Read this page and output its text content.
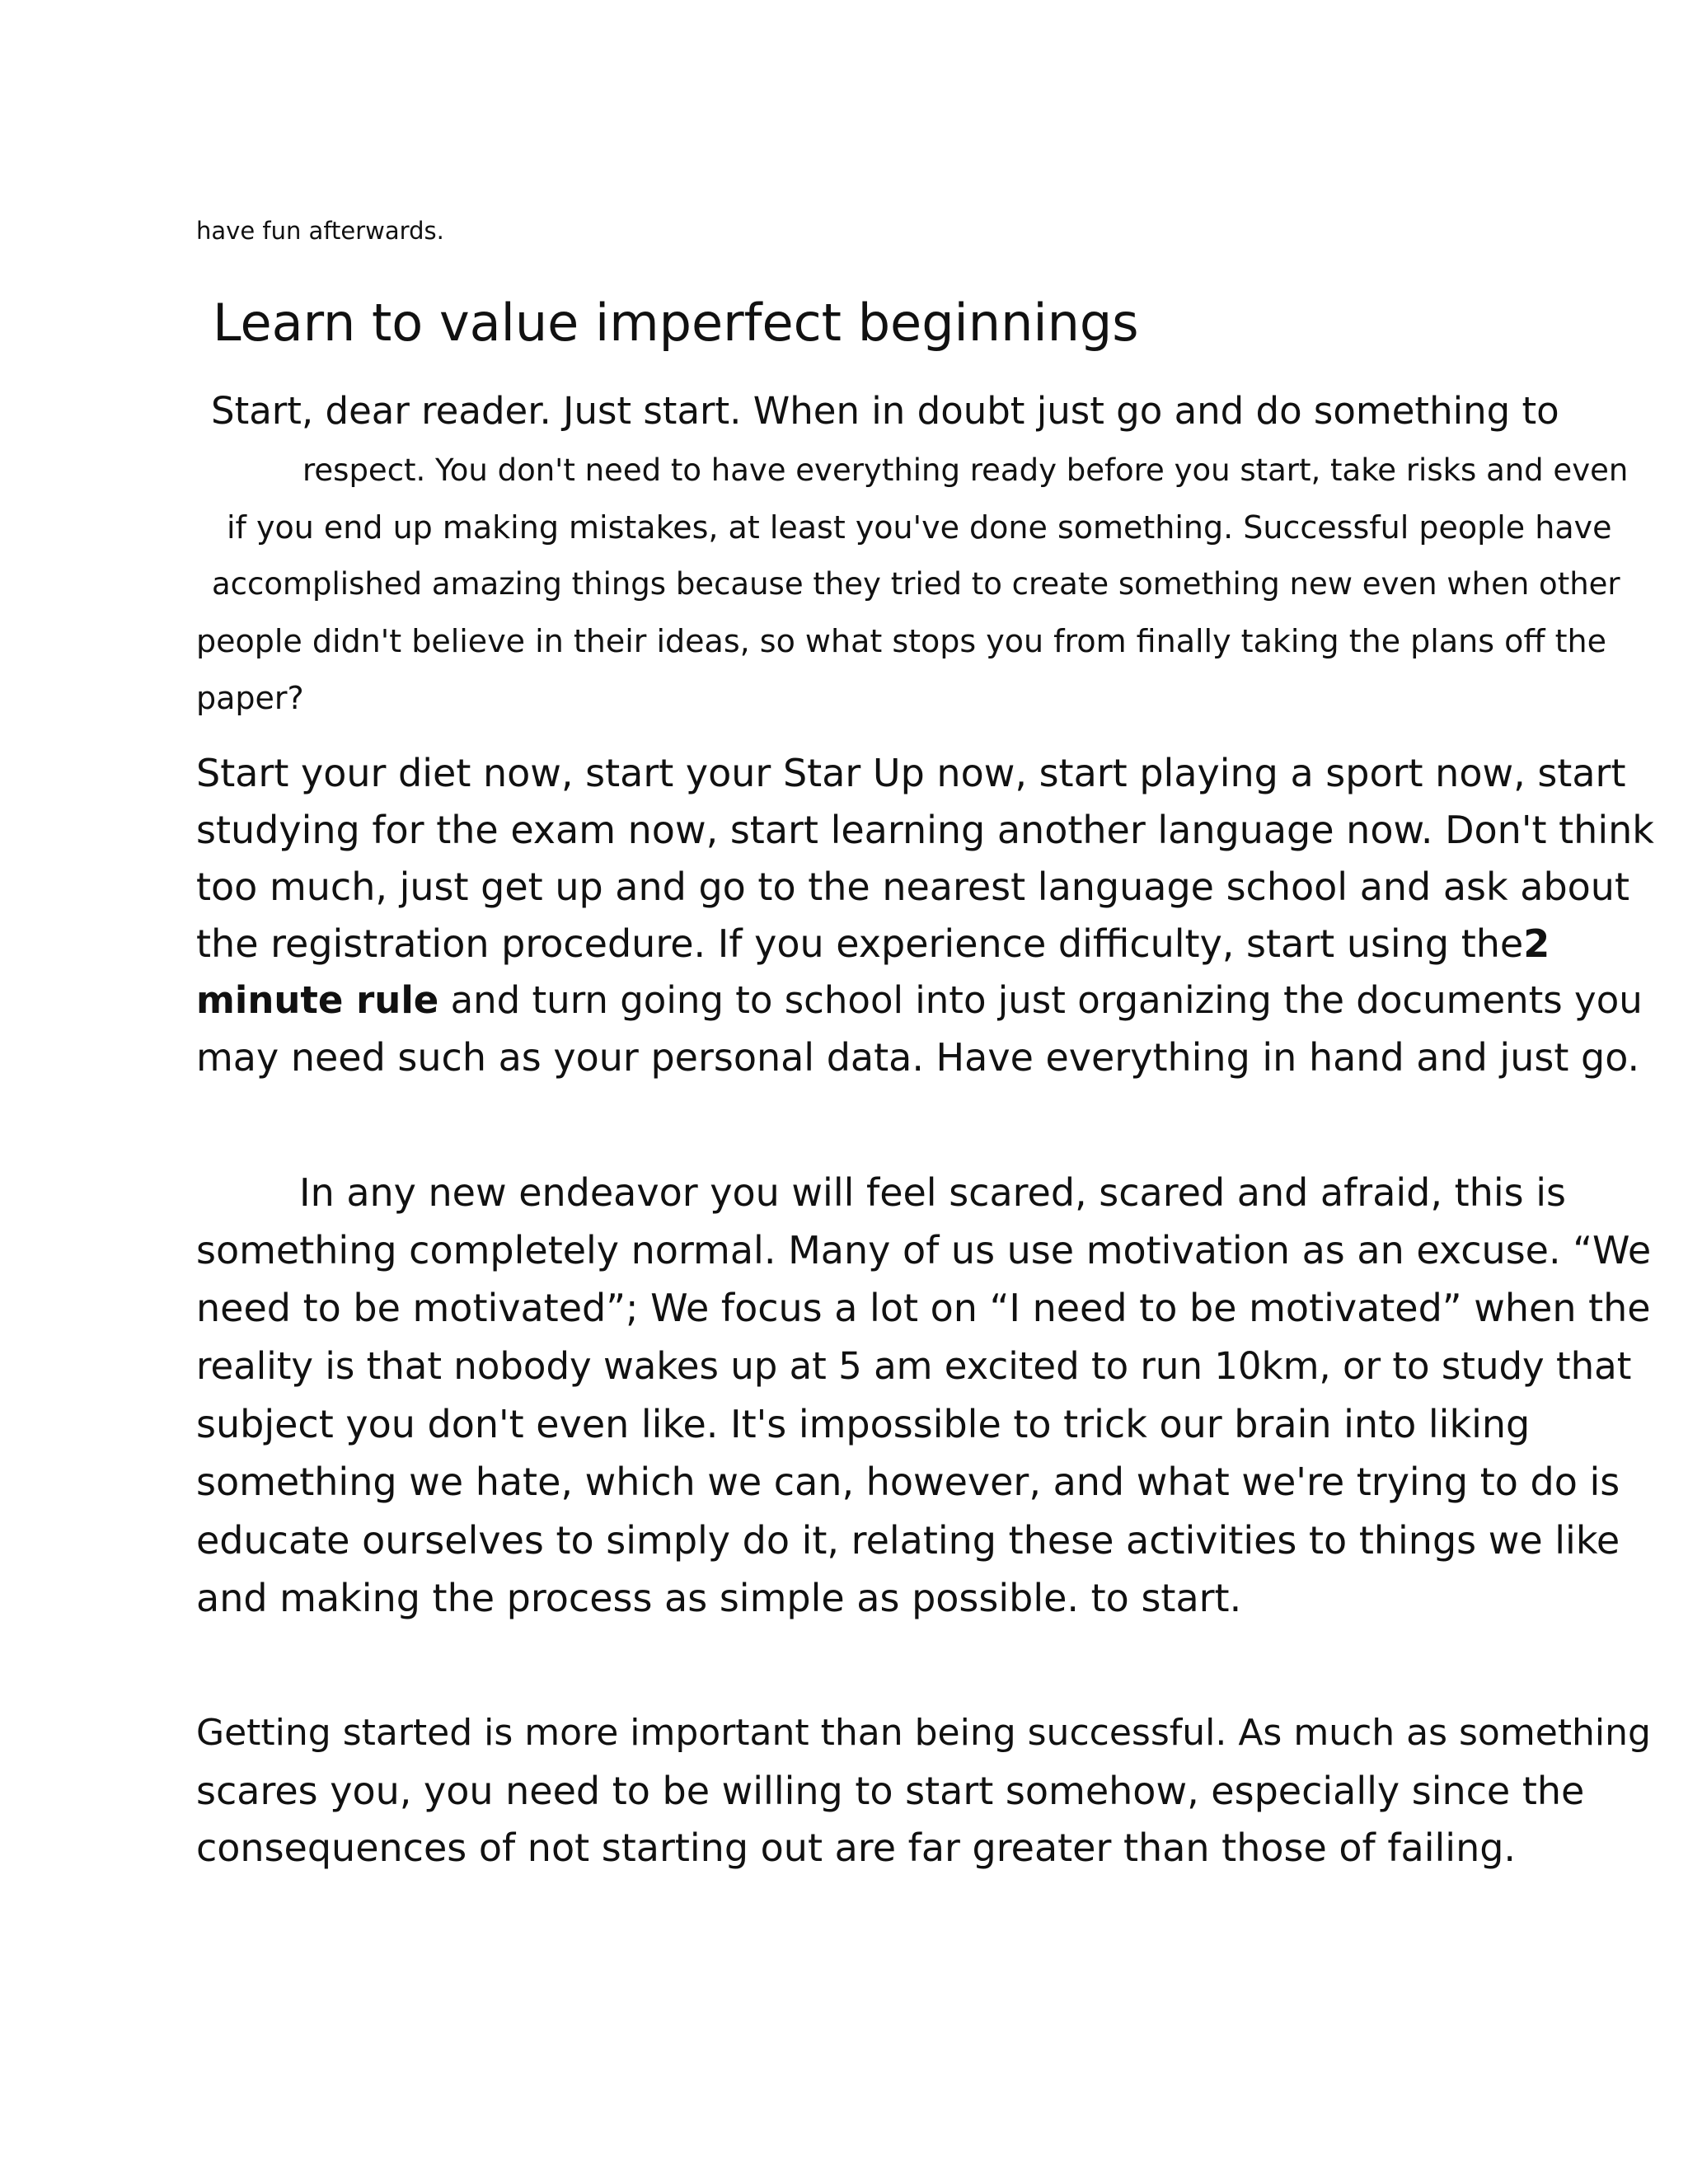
have fun afterwards.

Learn to value imperfect beginnings

Start, dear reader. Just start. When in doubt just go and do something to

respect. You don't need to have everything ready before you start, take risks and even

if you end up making mistakes, at least you've done something. Successful people have

accomplished amazing things because they tried to create something new even when other

people didn't believe in their ideas, so what stops you from finally taking the plans off the

paper?

Start your diet now, start your Star Up now, start playing a sport now, start

studying for the exam now, start learning another language now. Don't think

too much, just get up and go to the nearest language school and ask about

the registration procedure. If you experience difficulty, start using the2

minute rule and turn going to school into just organizing the documents you

may need such as your personal data. Have everything in hand and just go.

In any new endeavor you will feel scared, scared and afraid, this is

something completely normal. Many of us use motivation as an excuse. “We

need to be motivated”; We focus a lot on “I need to be motivated” when the

reality is that nobody wakes up at 5 am excited to run 10km, or to study that

subject you don't even like. It's impossible to trick our brain into liking

something we hate, which we can, however, and what we're trying to do is

educate ourselves to simply do it, relating these activities to things we like

and making the process as simple as possible. to start.

Getting started is more important than being successful. As much as something

scares you, you need to be willing to start somehow, especially since the

consequences of not starting out are far greater than those of failing.
